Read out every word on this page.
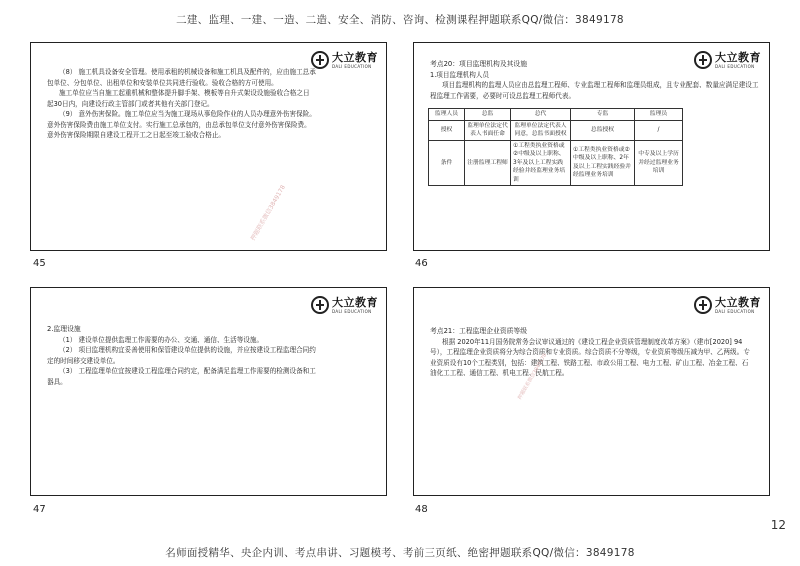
二建、监理、一建、一造、二造、安全、消防、咨询、检测课程押题联系QQ/微信：3849178
大立教育
DALI EDUCATION

（8） 施工机具设备安全管理。使用承租的机械设备和施工机具及配件的，应由施工总承包单位、分包单位、出租单位和安装单位共同进行验收。验收合格的方可使用。

施工单位应当自施工起重机械和整体提升脚手架、模板等自升式架设设施验收合格之日起30日内，向建设行政主管部门或者其他有关部门登记。

（9） 意外伤害保险。施工单位应当为施工现场从事危险作业的人员办理意外伤害保险。意外伤害保险费由施工单位支付。实行施工总承包的，由总承包单位支付意外伤害保险费。意外伤害保险期限自建设工程开工之日起至竣工验收合格止。

押题联系微信3849178
45
大立教育
DALI EDUCATION

考点20：项目监理机构及其设施

1.项目监理机构人员

项目监理机构的监理人员应由总监理工程师、专业监理工程师和监理员组成，且专业配套、数量应满足建设工程监理工作需要，必要时可设总监理工程师代表。

监理人员	总监	总代	专监	监理员
授权	监理单位法定代表人书面任命	监理单位法定代表人同意，总监书面授权	总监授权	/
条件	注册监理工程师	①工程类执业资格或②中级及以上职称、3年及以上工程实践经验并经监理业务培训	①工程类执业资格或②中级及以上职称、2年及以上工程实践经验并经监理业务培训	中专及以上学历并经过监理业务培训
46
大立教育
DALI EDUCATION

2.监理设施

（1） 建设单位提供监理工作需要的办公、交通、通信、生活等设施。

（2） 项目监理机构宜妥善使用和保管建设单位提供的设施，并应按建设工程监理合同约定的时间移交建设单位。

（3） 工程监理单位宜按建设工程监理合同约定，配备满足监理工作需要的检测设备和工器具。

47
大立教育
DALI EDUCATION

考点21：工程监理企业资质等级

根据 2020年11月国务院常务会议审议通过的《建设工程企业资质管理制度改革方案》（建市[2020] 94 号），工程监理企业资质将分为综合资质和专业资质。综合资质不分等级，专业资质等级压减为甲、乙两级。专业资质设有10个工程类别，包括：建筑工程、铁路工程、市政公用工程、电力工程、矿山工程、冶金工程、石油化工工程、通信工程、机电工程、民航工程。

押题联系微信3849178
48
12
名师面授精华、央企内训、考点串讲、习题模考、考前三页纸、绝密押题联系QQ/微信：3849178
